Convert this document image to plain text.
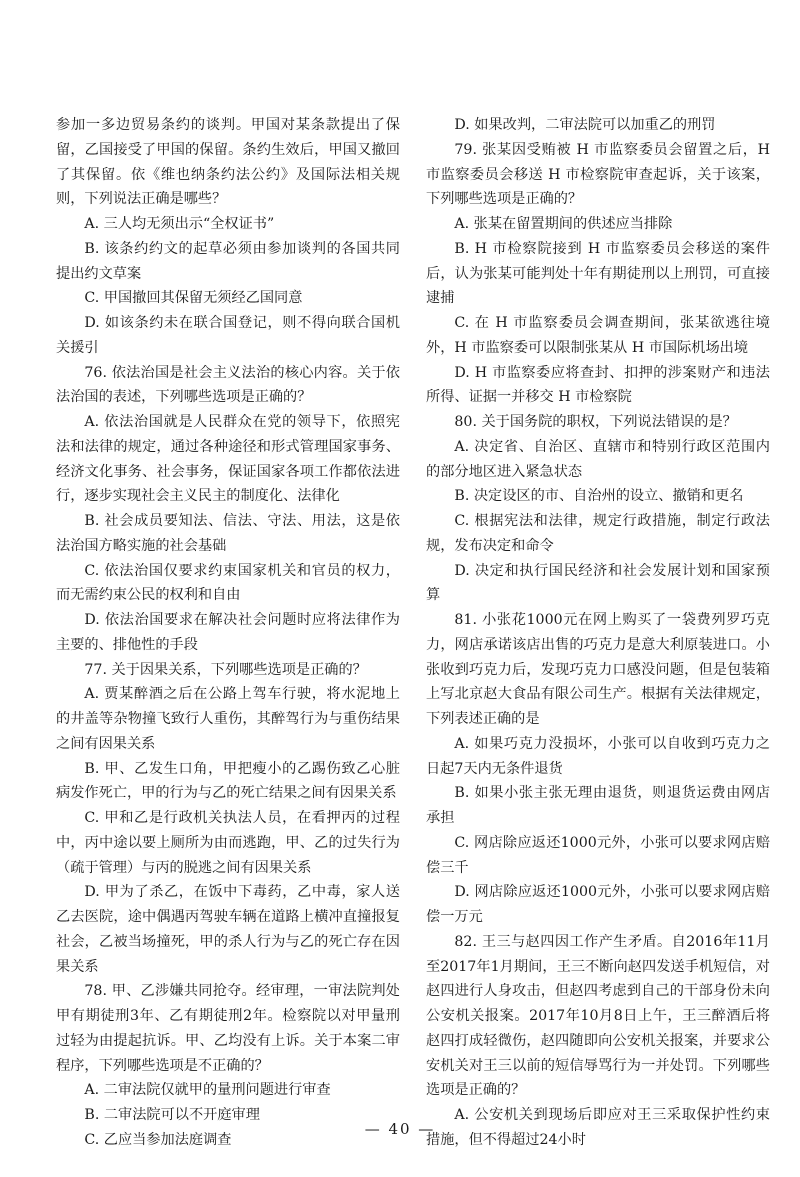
参加一多边贸易条约的谈判。甲国对某条款提出了保留，乙国接受了甲国的保留。条约生效后，甲国又撤回了其保留。依《维也纳条约法公约》及国际法相关规则，下列说法正确是哪些？

A. 三人均无须出示“全权证书”

B. 该条约约文的起草必须由参加谈判的各国共同提出约文草案

C. 甲国撤回其保留无须经乙国同意

D. 如该条约未在联合国登记，则不得向联合国机关援引

76. 依法治国是社会主义法治的核心内容。关于依法治国的表述，下列哪些选项是正确的？

A. 依法治国就是人民群众在党的领导下，依照宪法和法律的规定，通过各种途径和形式管理国家事务、经济文化事务、社会事务，保证国家各项工作都依法进行，逐步实现社会主义民主的制度化、法律化

B. 社会成员要知法、信法、守法、用法，这是依法治国方略实施的社会基础

C. 依法治国仅要求约束国家机关和官员的权力，而无需约束公民的权利和自由

D. 依法治国要求在解决社会问题时应将法律作为主要的、排他性的手段

77. 关于因果关系，下列哪些选项是正确的？

A. 贾某醉酒之后在公路上驾车行驶，将水泥地上的井盖等杂物撞飞致行人重伤，其醉驾行为与重伤结果之间有因果关系

B. 甲、乙发生口角，甲把瘦小的乙踢伤致乙心脏病发作死亡，甲的行为与乙的死亡结果之间有因果关系

C. 甲和乙是行政机关执法人员，在看押丙的过程中，丙中途以要上厕所为由而逃跑，甲、乙的过失行为（疏于管理）与丙的脱逃之间有因果关系

D. 甲为了杀乙，在饭中下毒药，乙中毒，家人送乙去医院，途中偶遇丙驾驶车辆在道路上横冲直撞报复社会，乙被当场撞死，甲的杀人行为与乙的死亡存在因果关系

78. 甲、乙涉嫌共同抢夺。经审理，一审法院判处甲有期徒刑3年、乙有期徒刑2年。检察院以对甲量刑过轻为由提起抗诉。甲、乙均没有上诉。关于本案二审程序，下列哪些选项是不正确的？

A. 二审法院仅就甲的量刑问题进行审查

B. 二审法院可以不开庭审理

C. 乙应当参加法庭调查

D. 如果改判，二审法院可以加重乙的刑罚

79. 张某因受贿被 H 市监察委员会留置之后，H 市监察委员会移送 H 市检察院审查起诉，关于该案，下列哪些选项是正确的？

A. 张某在留置期间的供述应当排除

B. H 市检察院接到 H 市监察委员会移送的案件后，认为张某可能判处十年有期徒刑以上刑罚，可直接逮捕

C. 在 H 市监察委员会调查期间，张某欲逃往境外，H 市监察委可以限制张某从 H 市国际机场出境

D. H 市监察委应将查封、扣押的涉案财产和违法所得、证据一并移交 H 市检察院

80. 关于国务院的职权，下列说法错误的是？

A. 决定省、自治区、直辖市和特别行政区范围内的部分地区进入紧急状态

B. 决定设区的市、自治州的设立、撤销和更名

C. 根据宪法和法律，规定行政措施，制定行政法规，发布决定和命令

D. 决定和执行国民经济和社会发展计划和国家预算

81. 小张花1000元在网上购买了一袋费列罗巧克力，网店承诺该店出售的巧克力是意大利原装进口。小张收到巧克力后，发现巧克力口感没问题，但是包装箱上写北京赵大食品有限公司生产。根据有关法律规定，下列表述正确的是

A. 如果巧克力没损坏，小张可以自收到巧克力之日起7天内无条件退货

B. 如果小张主张无理由退货，则退货运费由网店承担

C. 网店除应返还1000元外，小张可以要求网店赔偿三千

D. 网店除应返还1000元外，小张可以要求网店赔偿一万元

82. 王三与赵四因工作产生矛盾。自2016年11月至2017年1月期间，王三不断向赵四发送手机短信，对赵四进行人身攻击，但赵四考虑到自己的干部身份未向公安机关报案。2017年10月8日上午，王三醉酒后将赵四打成轻微伤，赵四随即向公安机关报案，并要求公安机关对王三以前的短信辱骂行为一并处罚。下列哪些选项是正确的？

A. 公安机关到现场后即应对王三采取保护性约束措施，但不得超过24小时

— 40 —
